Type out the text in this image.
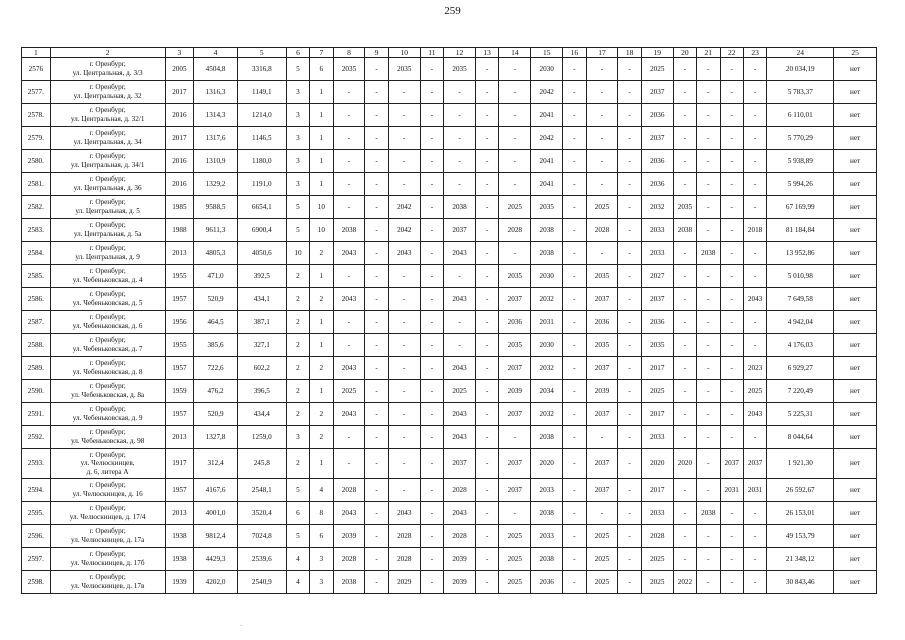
259
1	2	3	4	5	6	7	8	9	10	11	12	13	14	15	16	17	18	19	20	21	22	23	24	25
2576	г. Оренбург,
ул. Центральная, д. 3/3	2005	4504,8	3316,8	5	6	2035	-	2035	-	2035	-	-	2030	-	-	-	2025	-	-	-	-	20 034,19	нет
2577.	г. Оренбург,
ул. Центральная, д. 32	2017	1316,3	1149,1	3	1	-	-	-	-	-	-	-	2042	-	-	-	2037	-	-	-	-	5 783,37	нет
2578.	г. Оренбург,
ул. Центральная, д. 32/1	2016	1314,3	1214,0	3	1	-	-	-	-	-	-	-	2041	-	-	-	2036	-	-	-	-	6 110,01	нет
2579.	г. Оренбург,
ул. Центральная, д. 34	2017	1317,6	1146,5	3	1	-	-	-	-	-	-	-	2042	-	-	-	2037	-	-	-	-	5 770,29	нет
2580.	г. Оренбург,
ул. Центральная, д. 34/1	2016	1310,9	1180,0	3	1	-	-	-	-	-	-	-	2041	-	-	-	2036	-	-	-	-	5 938,89	нет
2581.	г. Оренбург,
ул. Центральная, д. 36	2016	1329,2	1191,0	3	1	-	-	-	-	-	-	-	2041	-	-	-	2036	-	-	-	-	5 994,26	нет
2582.	г. Оренбург,
ул. Центральная, д. 5	1985	9588,5	6654,1	5	10	-	-	2042	-	2038	-	2025	2035	-	2025	-	2032	2035	-	-	-	67 169,99	нет
2583.	г. Оренбург,
ул. Центральная, д. 5а	1988	9611,3	6900,4	5	10	2038	-	2042	-	2037	-	2028	2038	-	2028	-	2033	2038	-	-	2018	81 184,84	нет
2584.	г. Оренбург,
ул. Центральная, д. 9	2013	4805,3	4050,6	10	2	2043	-	2043	-	2043	-	-	2038	-	-	-	2033	-	2038	-	-	13 952,86	нет
2585.	г. Оренбург,
ул. Чебеньковская, д. 4	1955	471,0	392,5	2	1	-	-	-	-	-	-	2035	2030	-	2035	-	2027	-	-	-	-	5 010,98	нет
2586.	г. Оренбург,
ул. Чебеньковская, д. 5	1957	520,9	434,1	2	2	2043	-	-	-	2043	-	2037	2032	-	2037	-	2037	-	-	-	2043	7 649,58	нет
2587.	г. Оренбург,
ул. Чебеньковская, д. 6	1956	464,5	387,1	2	1	-	-	-	-	-	-	2036	2031	-	2036	-	2036	-	-	-	-	4 942,04	нет
2588.	г. Оренбург,
ул. Чебеньковская, д. 7	1955	385,6	327,1	2	1	-	-	-	-	-	-	2035	2030	-	2035	-	2035	-	-	-	-	4 176,03	нет
2589.	г. Оренбург,
ул. Чебеньковская, д. 8	1957	722,6	602,2	2	2	2043	-	-	-	2043	-	2037	2032	-	2037	-	2017	-	-	-	2023	6 929,27	нет
2590.	г. Оренбург,
ул. Чебеньковская, д. 8а	1959	476,2	396,5	2	1	2025	-	-	-	2025	-	2039	2034	-	2039	-	2025	-	-	-	2025	7 220,49	нет
2591.	г. Оренбург,
ул. Чебеньковская, д. 9	1957	520,9	434,4	2	2	2043	-	-	-	2043	-	2037	2032	-	2037	-	2017	-	-	-	2043	5 225,31	нет
2592.	г. Оренбург,
ул. Чебеньковская, д. 98	2013	1327,8	1259,0	3	2	-	-	-	-	2043	-	-	2038	-	-	-	2033	-	-	-	-	8 044,64	нет
2593.	г. Оренбург,
ул. Челюскинцев,
д. 6, литера А	1917	312,4	245,8	2	1	-	-	-	-	2037	-	2037	2020	-	2037	-	2020	2020	-	2037	2037	1 921,30	нет
2594.	г. Оренбург,
ул. Челюскинцев, д. 16	1957	4167,6	2548,1	5	4	2028	-	-	-	2028	-	2037	2033	-	2037	-	2017	-	-	2031	2031	26 592,67	нет
2595.	г. Оренбург,
ул. Челюскинцев, д. 17/4	2013	4001,0	3520,4	6	8	2043	-	2043	-	2043	-	-	2038	-	-	-	2033	-	2038	-	-	26 153,01	нет
2596.	г. Оренбург,
ул. Челюскинцев, д. 17а	1938	9812,4	7024,8	5	6	2039	-	2028	-	2028	-	2025	2033	-	2025	-	2028	-	-	-	-	49 153,79	нет
2597.	г. Оренбург,
ул. Челюскинцев, д. 17б	1938	4429,3	2539,6	4	3	2028	-	2028	-	2039	-	2025	2038	-	2025	-	2025	-	-	-	-	21 348,12	нет
2598.	г. Оренбург,
ул. Челюскинцев, д. 17в	1939	4202,0	2540,9	4	3	2038	-	2029	-	2039	-	2025	2036	-	2025	-	2025	2022	-	-	-	30 843,46	нет
·
